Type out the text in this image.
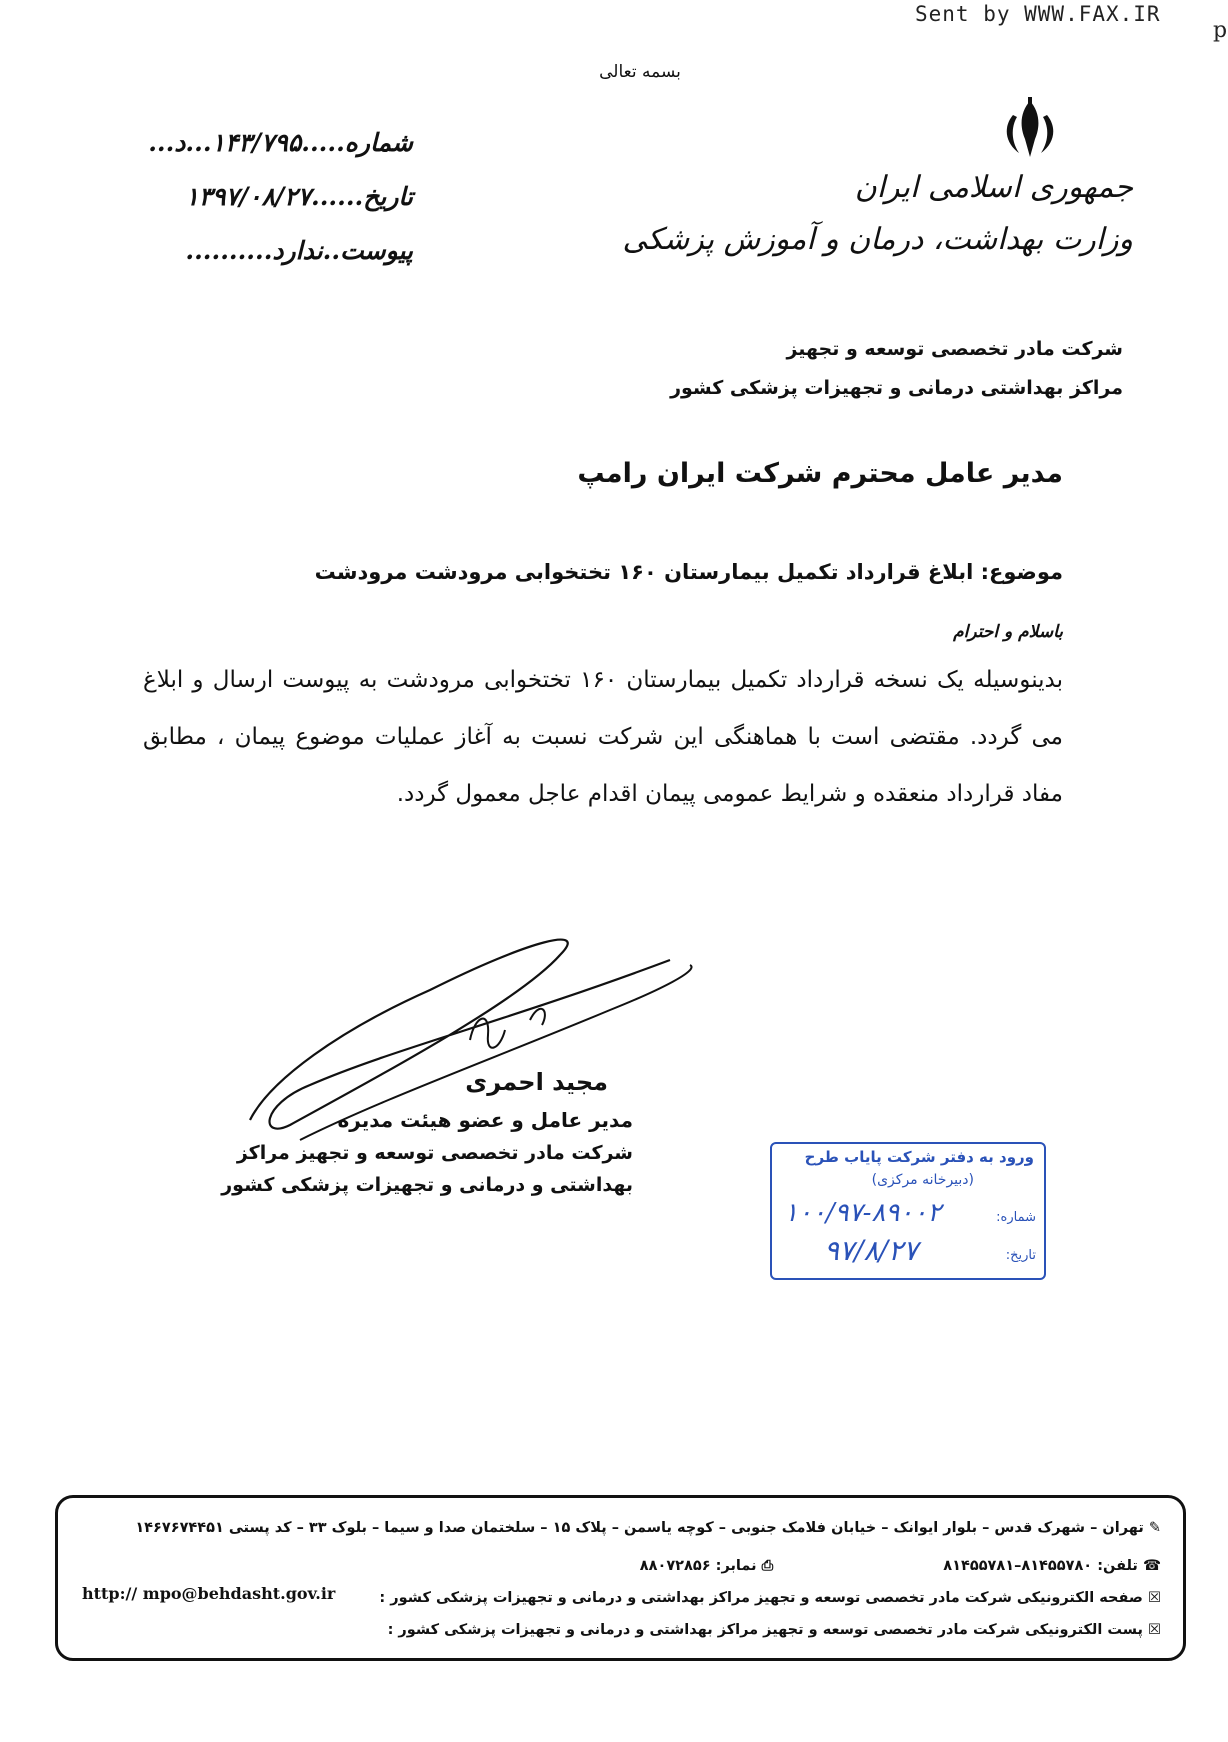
Sent by WWW.FAX.IR
p
بسمه تعالی
شماره.....۱۴۳/۷۹۵...د...
تاریخ......۱۳۹۷/۰۸/۲۷
پیوست..ندارد..........
جمهوری اسلامی ایران
وزارت بهداشت، درمان و آموزش پزشکی
شرکت مادر تخصصی توسعه و تجهیز
مراکز بهداشتی درمانی و تجهیزات پزشکی کشور
مدیر عامل محترم شرکت ایران رامپ
موضوع: ابلاغ قرارداد تکمیل بیمارستان ۱۶۰ تختخوابی مرودشت مرودشت
باسلام و احترام
بدینوسیله یک نسخه قرارداد تکمیل بیمارستان ۱۶۰ تختخوابی مرودشت به پیوست ارسال و ابلاغ می گردد. مقتضی است با هماهنگی این شرکت نسبت به آغاز عملیات موضوع پیمان ، مطابق مفاد قرارداد منعقده و شرایط عمومی پیمان اقدام عاجل معمول گردد.
مجید احمری
مدیر عامل و عضو هیئت مدیره
شرکت مادر تخصصی توسعه و تجهیز مراکز
بهداشتی و درمانی و تجهیزات پزشکی کشور
ورود به دفتر شرکت پایاب طرح
(دبیرخانه مرکزی)
شماره:
۱۰۰/۹۷-۸۹۰۰۲
تاریخ:
۹۷/۸/۲۷
✎ تهران – شهرک قدس – بلوار ایوانک – خیابان فلامک جنوبی – کوچه یاسمن – پلاک ۱۵ – سلختمان صدا و سیما – بلوک ۳۳ – کد پستی ۱۴۶۷۶۷۴۴۵۱
☎ تلفن: ۸۱۴۵۵۷۸۰–۸۱۴۵۵۷۸۱  ⎙ نمابر: ۸۸۰۷۲۸۵۶
☒ صفحه الکترونیکی شرکت مادر تخصصی توسعه و تجهیز مراکز بهداشتی و درمانی و تجهیزات پزشکی کشور :
http:// mpo@behdasht.gov.ir
☒ پست الکترونیکی شرکت مادر تخصصی توسعه و تجهیز مراکز بهداشتی و درمانی و تجهیزات پزشکی کشور :
